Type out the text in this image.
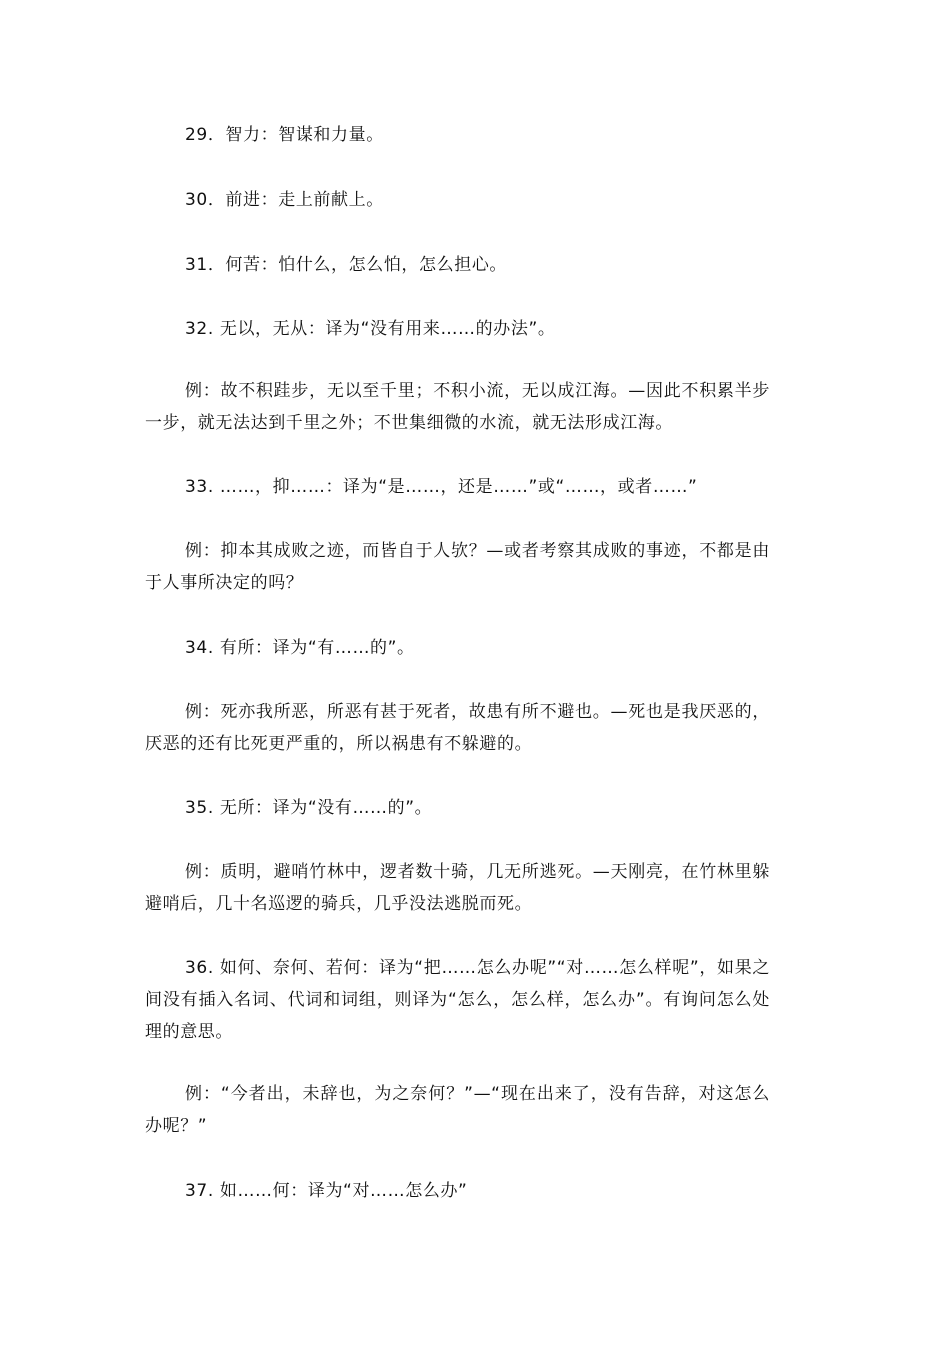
29．智力：智谋和力量。

30．前进：走上前献上。

31．何苦：怕什么，怎么怕，怎么担心。

32. 无以，无从：译为“没有用来……的办法”。

例：故不积跬步，无以至千里；不积小流，无以成江海。—因此不积累半步一步，就无法达到千里之外；不世集细微的水流，就无法形成江海。

33. ……，抑……：译为“是……，还是……”或“……，或者……”

例：抑本其成败之迹，而皆自于人欤？—或者考察其成败的事迹，不都是由于人事所决定的吗？

34. 有所：译为“有……的”。

例：死亦我所恶，所恶有甚于死者，故患有所不避也。—死也是我厌恶的，厌恶的还有比死更严重的，所以祸患有不躲避的。

35. 无所：译为“没有……的”。

例：质明，避哨竹林中，逻者数十骑，几无所逃死。—天刚亮，在竹林里躲避哨后，几十名巡逻的骑兵，几乎没法逃脱而死。

36. 如何、奈何、若何：译为“把……怎么办呢”“对……怎么样呢”，如果之间没有插入名词、代词和词组，则译为“怎么，怎么样，怎么办”。有询问怎么处理的意思。

例：“今者出，未辞也，为之奈何？”—“现在出来了，没有告辞，对这怎么办呢？”

37. 如……何：译为“对……怎么办”
